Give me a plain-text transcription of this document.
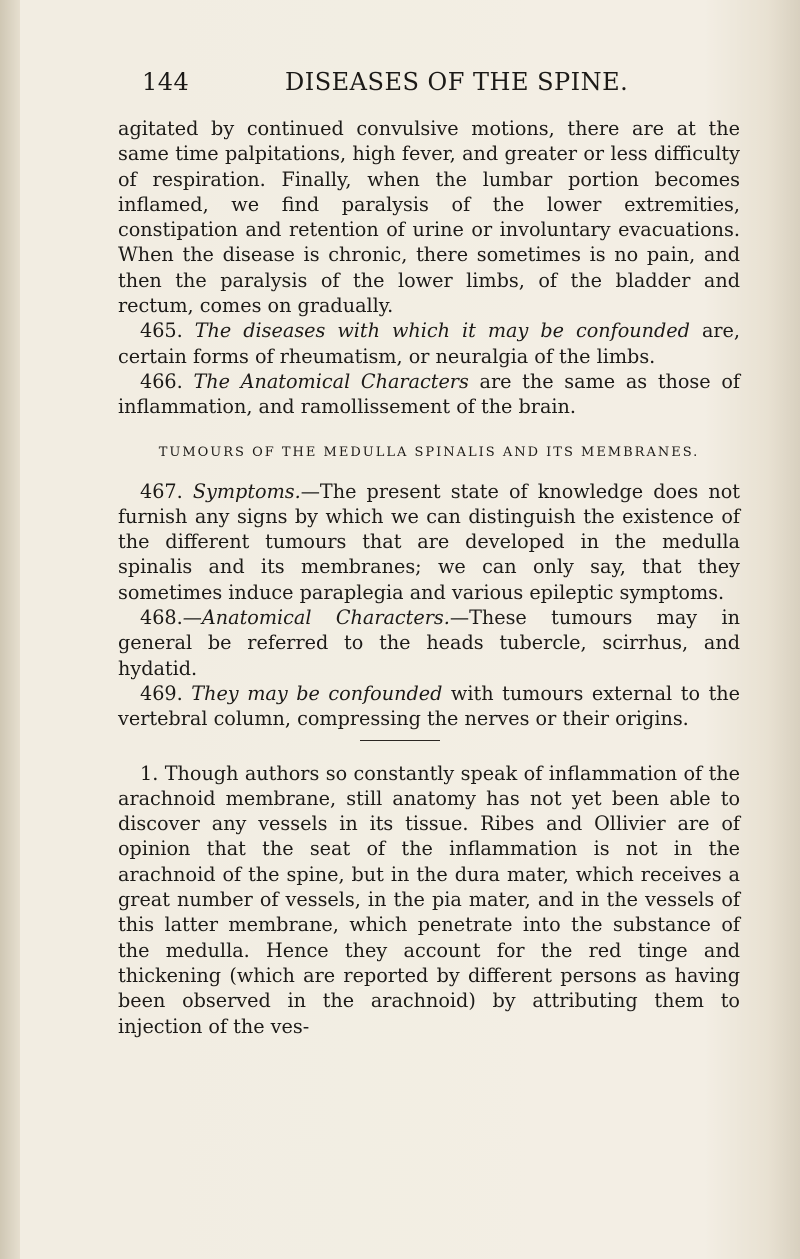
144	DISEASES OF THE SPINE.

agitated by continued convulsive motions, there are at the same time palpitations, high fever, and greater or less difficulty of respiration. Finally, when the lumbar portion becomes inflamed, we find paralysis of the lower extremities, constipation and retention of urine or involuntary evacuations. When the disease is chronic, there sometimes is no pain, and then the paralysis of the lower limbs, of the bladder and rectum, comes on gradually.

465. The diseases with which it may be confounded are, certain forms of rheumatism, or neuralgia of the limbs.

466. The Anatomical Characters are the same as those of inflammation, and ramollissement of the brain.

TUMOURS OF THE MEDULLA SPINALIS AND ITS MEMBRANES.

467. Symptoms.—The present state of knowledge does not furnish any signs by which we can distinguish the existence of the different tumours that are developed in the medulla spinalis and its membranes; we can only say, that they sometimes induce paraplegia and various epileptic symptoms.

468.—Anatomical Characters.—These tumours may in general be referred to the heads tubercle, scirrhus, and hydatid.

469. They may be confounded with tumours external to the vertebral column, compressing the nerves or their origins.

1. Though authors so constantly speak of inflammation of the arachnoid membrane, still anatomy has not yet been able to discover any vessels in its tissue. Ribes and Ollivier are of opinion that the seat of the inflammation is not in the arachnoid of the spine, but in the dura mater, which receives a great number of vessels, in the pia mater, and in the vessels of this latter membrane, which penetrate into the substance of the medulla. Hence they account for the red tinge and thickening (which are reported by different persons as having been observed in the arachnoid) by attributing them to injection of the ves-
